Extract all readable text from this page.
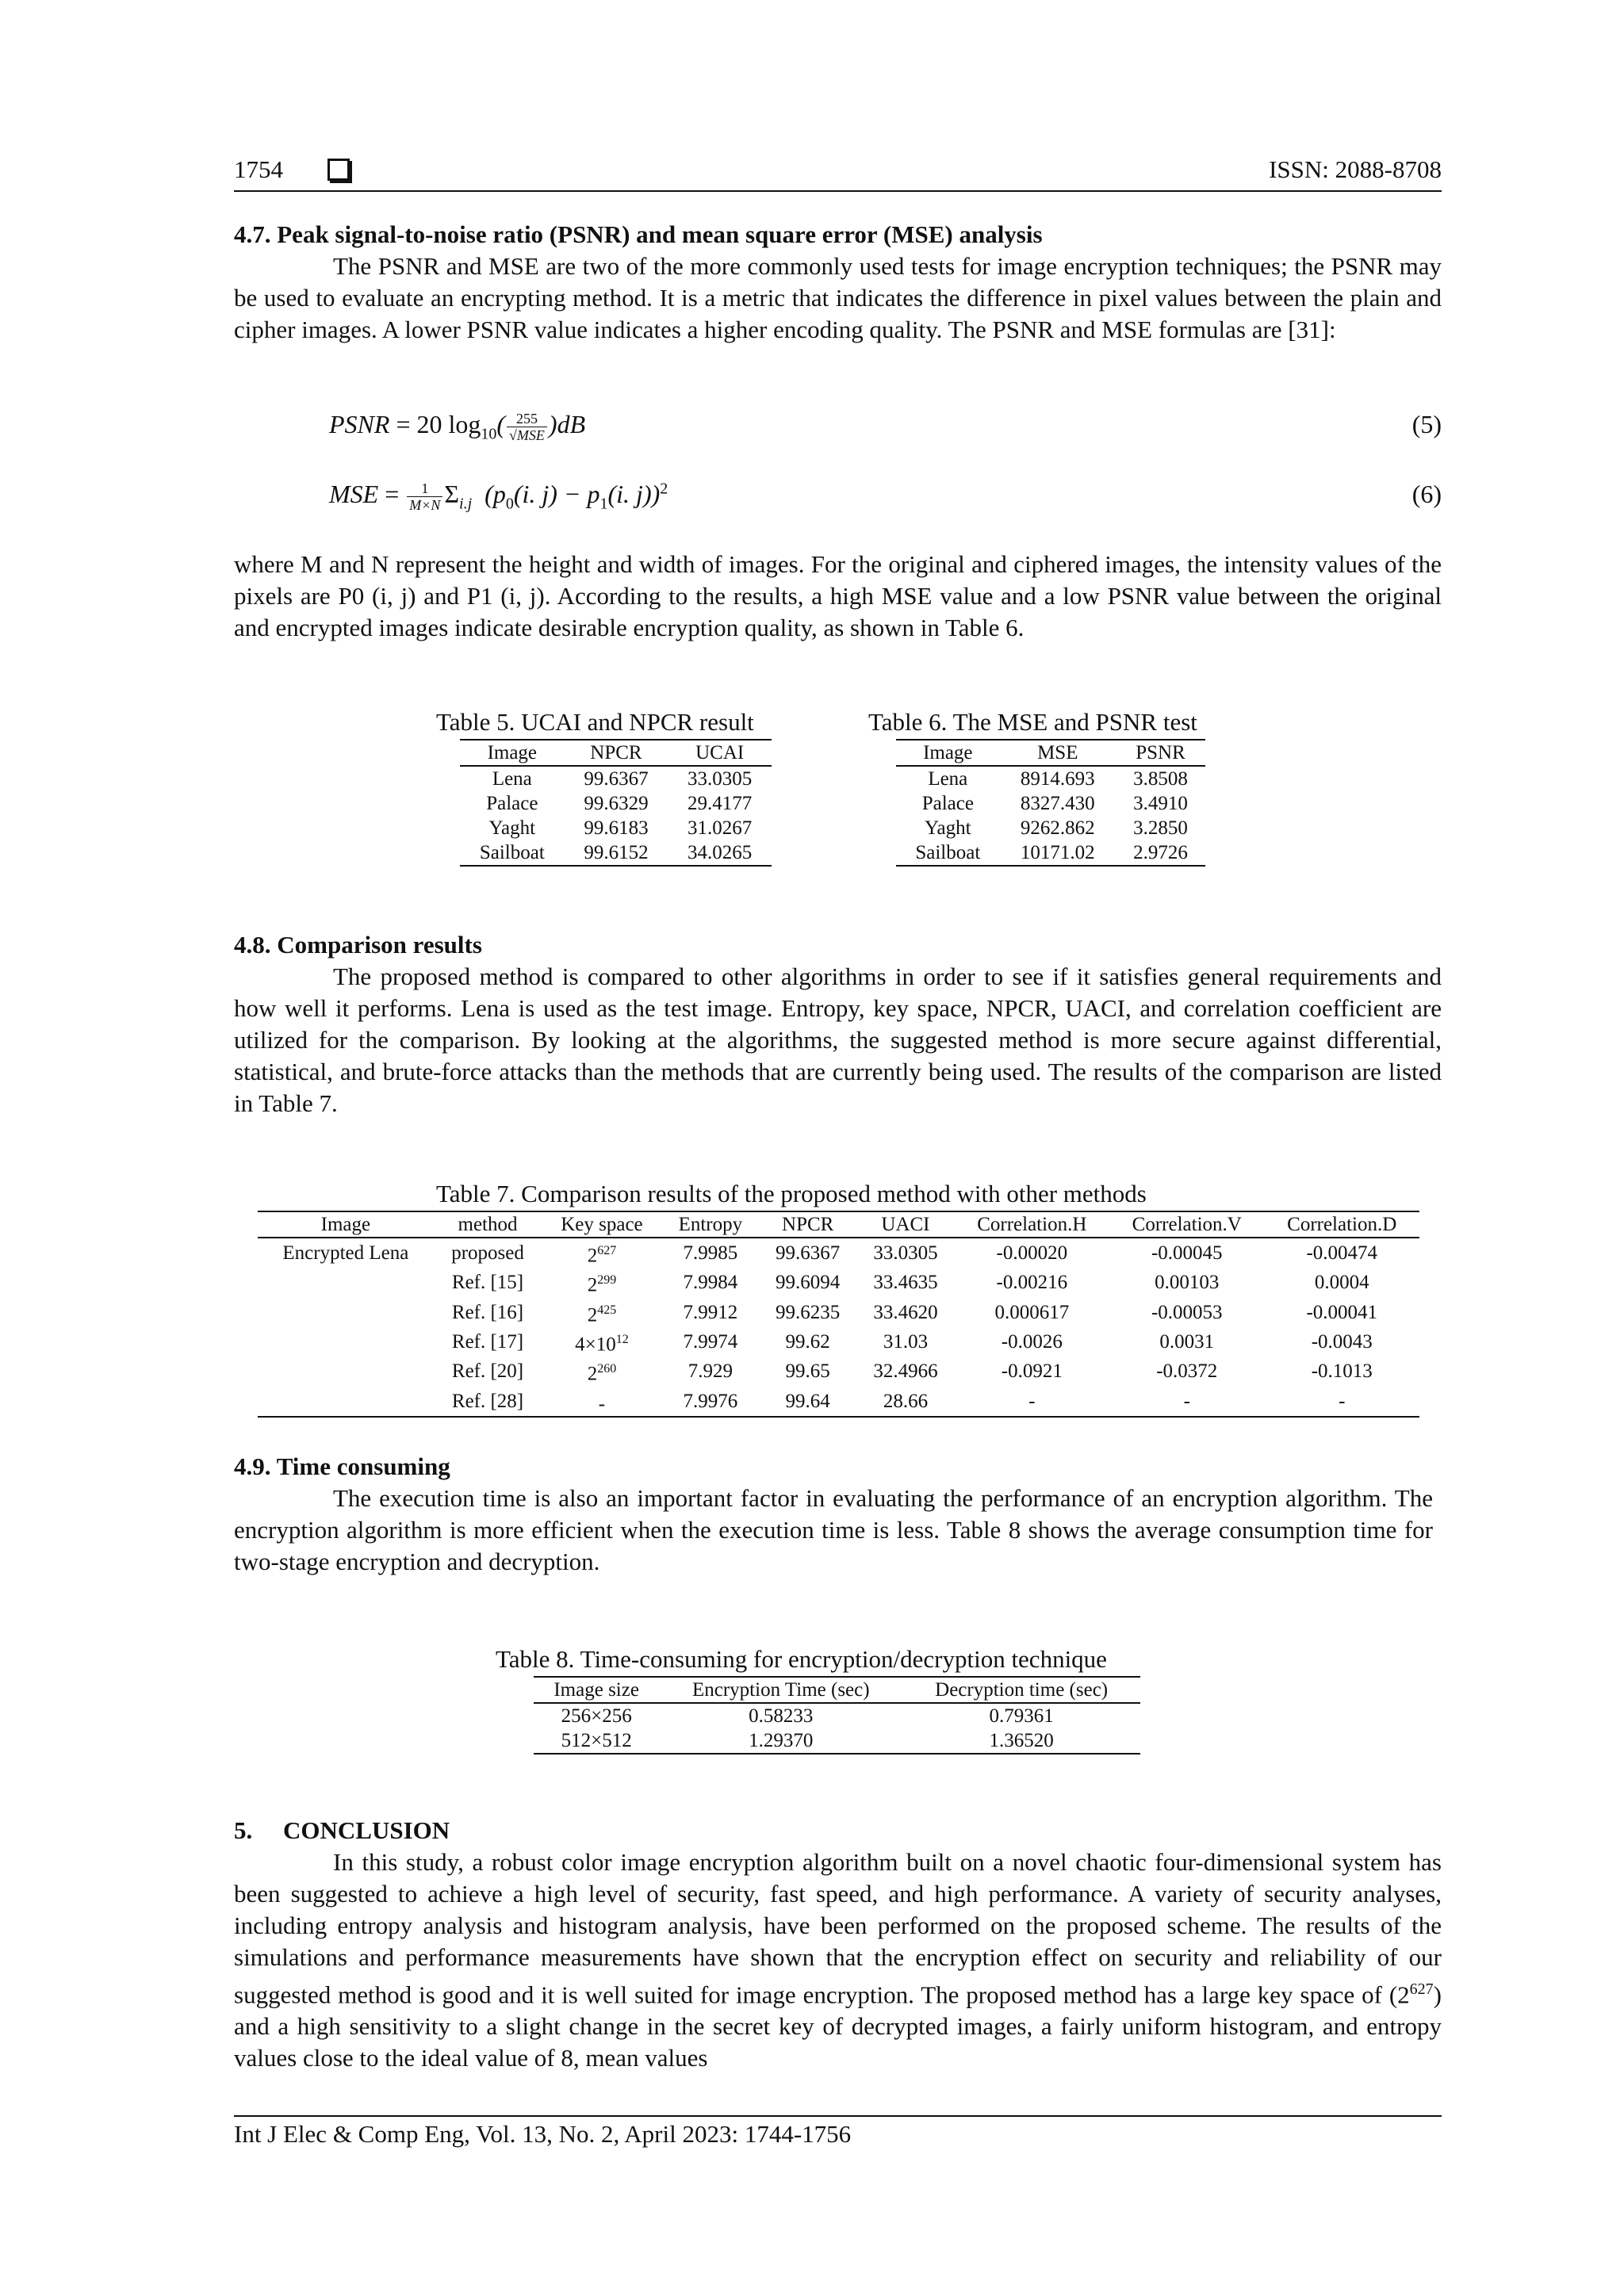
1754	ISSN: 2088-8708
4.7. Peak signal-to-noise ratio (PSNR) and mean square error (MSE) analysis

The PSNR and MSE are two of the more commonly used tests for image encryption techniques; the PSNR may be used to evaluate an encrypting method. It is a metric that indicates the difference in pixel values between the plain and cipher images. A lower PSNR value indicates a higher encoding quality. The PSNR and MSE formulas are [31]:

PSNR = 20 $\log_{10}( \frac{255}{\text{√MSE}} )dB$	(5)
MSE = $\frac{1}{M\times N} \Sigma_{i.j}$  ($p_0(i$. $j) - p_1(i$. j))$^2$	(6)

where M and N represent the height and width of images. For the original and ciphered images, the intensity values of the pixels are P0 (i, j) and P1 (i, j). According to the results, a high MSE value and a low PSNR value between the original and encrypted images indicate desirable encryption quality, as shown in Table 6.

Table 5. UCAI and NPCR result
Image	NPCR	UCAI
Lena	99.6367	33.0305
Palace	99.6329	29.4177
Yaght	99.6183	31.0267
Sailboat	99.6152	34.0265
Table 6. The MSE and PSNR test
Image	MSE	PSNR
Lena	8914.693	3.8508
Palace	8327.430	3.4910
Yaght	9262.862	3.2850
Sailboat	10171.02	2.9726
4.8. Comparison results

The proposed method is compared to other algorithms in order to see if it satisfies general requirements and how well it performs. Lena is used as the test image. Entropy, key space, NPCR, UACI, and correlation coefficient are utilized for the comparison. By looking at the algorithms, the suggested method is more secure against differential, statistical, and brute-force attacks than the methods that are currently being used. The results of the comparison are listed in Table 7.

Table 7. Comparison results of the proposed method with other methods
Image	method	Key space	Entropy	NPCR	UACI	Correlation.H	Correlation.V	Correlation.D
Encrypted Lena	proposed	$2^{627}$	7.9985	99.6367	33.0305	-0.00020	-0.00045	-0.00474
	Ref. [15]	$2^{299}$	7.9984	99.6094	33.4635	-0.00216	0.00103	0.0004
	Ref. [16]	$2^{425}$	7.9912	99.6235	33.4620	0.000617	-0.00053	-0.00041
	Ref. [17]	$4\times 10^{12}$	7.9974	99.62	31.03	-0.0026	0.0031	-0.0043
	Ref. [20]	$2^{260}$	7.929	99.65	32.4966	-0.0921	-0.0372	-0.1013
	Ref. [28]	-	7.9976	99.64	28.66	-	-	-
4.9. Time consuming

The execution time is also an important factor in evaluating the performance of an encryption algorithm. The encryption algorithm is more efficient when the execution time is less. Table 8 shows the average consumption time for two-stage encryption and decryption.

Table 8. Time-consuming for encryption/decryption technique
Image size	Encryption Time (sec)	Decryption time (sec)
256×256	0.58233	0.79361
512×512	1.29370	1.36520
5.     CONCLUSION

In this study, a robust color image encryption algorithm built on a novel chaotic four-dimensional system has been suggested to achieve a high level of security, fast speed, and high performance. A variety of security analyses, including entropy analysis and histogram analysis, have been performed on the proposed scheme. The results of the simulations and performance measurements have shown that the encryption effect on security and reliability of our suggested method is good and it is well suited for image encryption. The proposed method has a large key space of $(2^{627})$ and a high sensitivity to a slight change in the secret key of decrypted images, a fairly uniform histogram, and entropy values close to the ideal value of 8, mean values

Int J Elec & Comp Eng, Vol. 13, No. 2, April 2023: 1744-1756
